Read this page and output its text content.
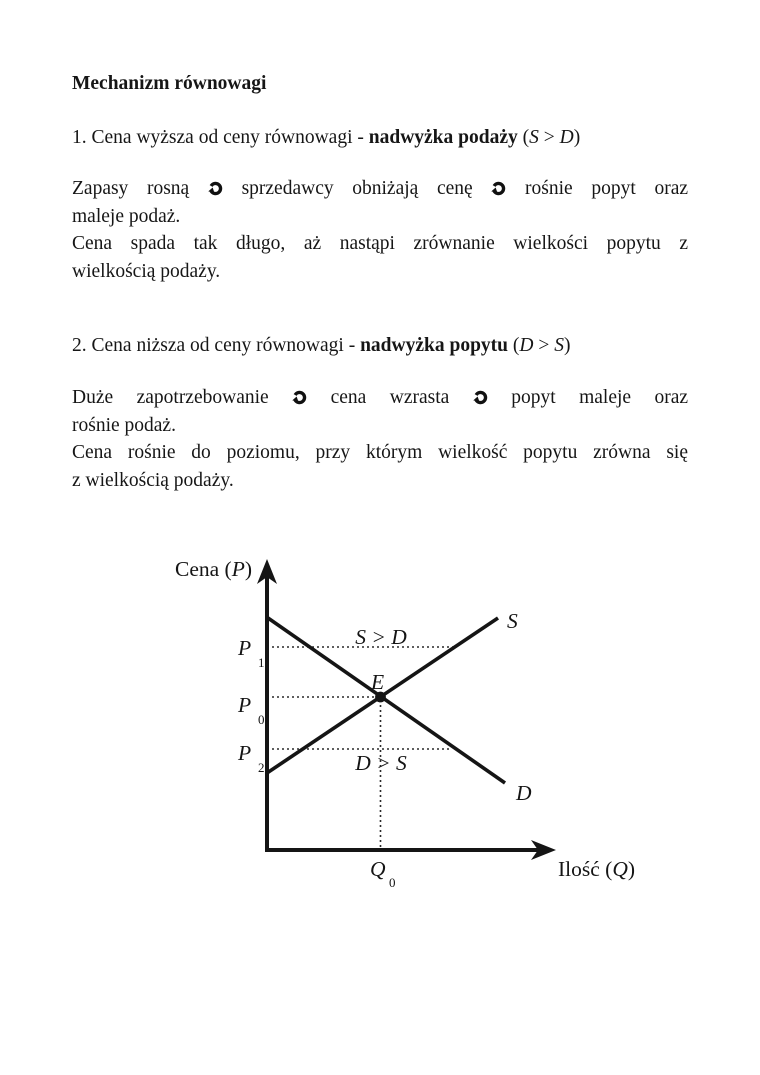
Mechanizm równowagi
1. Cena wyższa od ceny równowagi - nadwyżka podaży (S > D)
Zapasy rosną	sprzedawcy obniżają cenę	rośnie popyt oraz
maleje podaż.
Cena spada tak długo, aż nastąpi zrównanie wielkości popytu z
wielkością podaży.
2. Cena niższa od ceny równowagi - nadwyżka popytu (D > S)
Duże zapotrzebowanie	cena wzrasta	popyt maleje oraz
rośnie podaż.
Cena rośnie do poziomu, przy którym wielkość popytu zrówna się
z wielkością podaży.
Cena (P)
Ilość (Q)
S
D
E
S > D
D > S
P
1
P
0
P
2
Q
0
